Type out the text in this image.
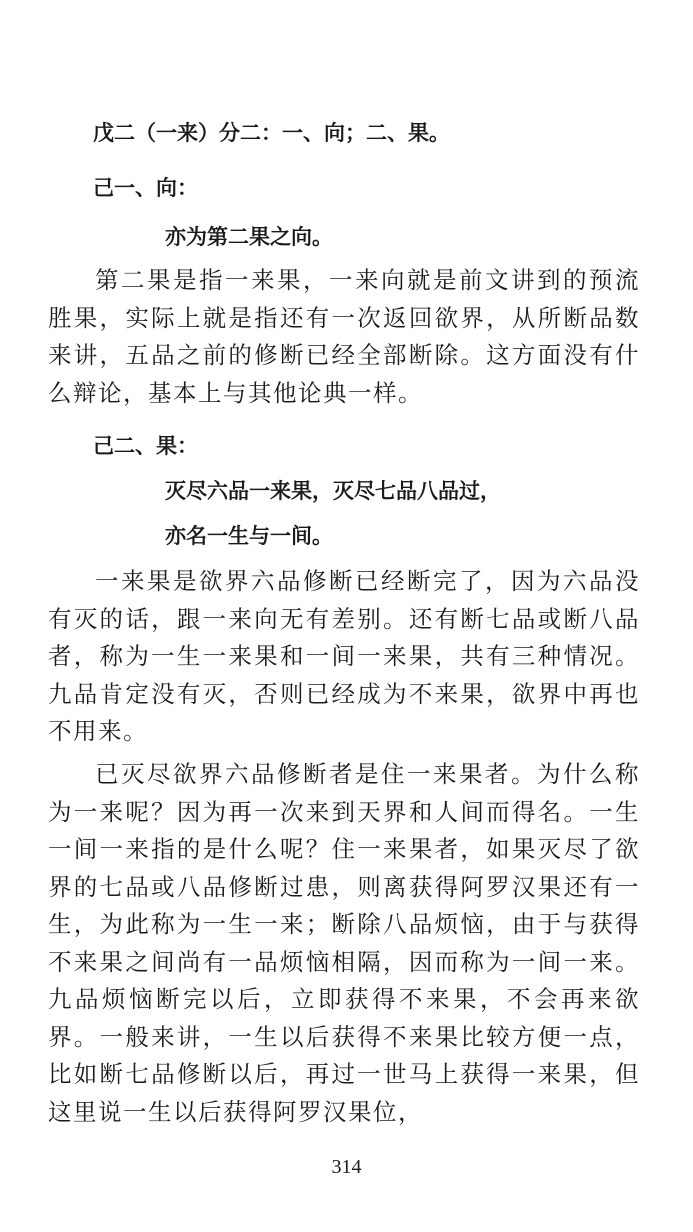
戊二（一来）分二：一、向；二、果。

己一、向：

亦为第二果之向。

第二果是指一来果，一来向就是前文讲到的预流胜果，实际上就是指还有一次返回欲界，从所断品数来讲，五品之前的修断已经全部断除。这方面没有什么辩论，基本上与其他论典一样。

己二、果：

灭尽六品一来果，灭尽七品八品过，

亦名一生与一间。

一来果是欲界六品修断已经断完了，因为六品没有灭的话，跟一来向无有差别。还有断七品或断八品者，称为一生一来果和一间一来果，共有三种情况。九品肯定没有灭，否则已经成为不来果，欲界中再也不用来。

已灭尽欲界六品修断者是住一来果者。为什么称为一来呢？因为再一次来到天界和人间而得名。一生一间一来指的是什么呢？住一来果者，如果灭尽了欲界的七品或八品修断过患，则离获得阿罗汉果还有一生，为此称为一生一来；断除八品烦恼，由于与获得不来果之间尚有一品烦恼相隔，因而称为一间一来。九品烦恼断完以后，立即获得不来果，不会再来欲界。一般来讲，一生以后获得不来果比较方便一点，比如断七品修断以后，再过一世马上获得一来果，但这里说一生以后获得阿罗汉果位，

314
